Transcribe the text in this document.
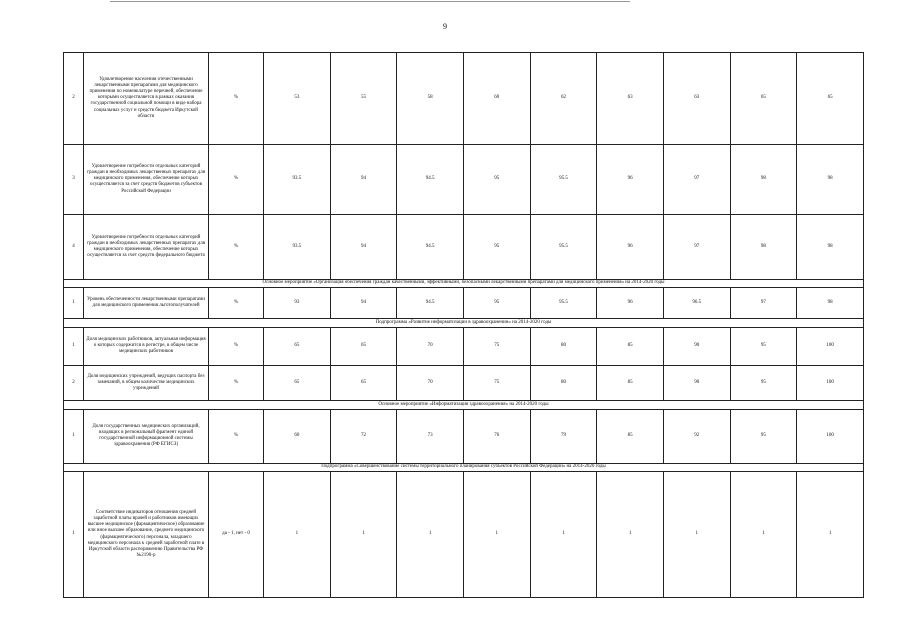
9
2	Удовлетворение населения отечественными лекарственными препаратами для медицинского применения по номенклатуре перечней, обеспечение которыми осуществляется в рамках оказания государственной социальной помощи в виде набора социальных услуг и средств бюджета Иркутской области	%	53	55	58	60	62	63	63	65	65
3	Удовлетворение потребности отдельных категорий граждан в необходимых лекарственных препаратах для медицинского применения, обеспечение которых осуществляется за счет средств бюджетов субъектов Российской Федерации	%	93.5	94	94.5	95	95.5	96	97	98	98
4	Удовлетворение потребности отдельных категорий граждан в необходимых лекарственных препаратах для медицинского применения, обеспечение которых осуществляется за счет средств федерального бюджета	%	93.5	94	94.5	95	95.5	96	97	98	98
Основное мероприятие «Организация обеспечения граждан качественными, эффективными, безопасными лекарственными препаратами для медицинского применения» на 2014-2020 годы											
1	Уровень обеспеченности лекарственными препаратами для медицинского применения льготополучателей	%	93	94	94.5	95	95.5	96	96.5	97	98
Подпрограмма «Развитие информатизации в здравоохранении» на 2014-2020 годы											
1	Доля медицинских работников, актуальная информация о которых содержится в регистре, в общем числе медицинских работников	%	65	65	70	75	80	85	90	95	100
2	Доля медицинских учреждений, ведущих паспорта без замечаний, в общем количестве медицинских учреждений	%	65	65	70	75	80	85	90	95	100
Основное мероприятие «Информатизация здравоохранения» на 2014-2020 годы											
1	Доля государственных медицинских организаций, входящих в региональный фрагмент единой государственной информационной системы здравоохранения (РФ ЕГИСЗ)	%	60	72	73	76	79	85	92	95	100
Подпрограмма «Совершенствование системы территориального планирования субъектов Российской Федерации» на 2014-2020 годы											
1	Соответствие индикаторов отношения средней заработной платы врачей и работников имеющих высшее медицинское (фармацевтическое) образование или иное высшее образование, среднего медицинского (фармацевтического) персонала, младшего медицинского персонала к средней заработной плате в Иркутской области распоряжению Правительства РФ №2190-р	да - 1, нет - 0	1	1	1	1	1	1	1	1	1
